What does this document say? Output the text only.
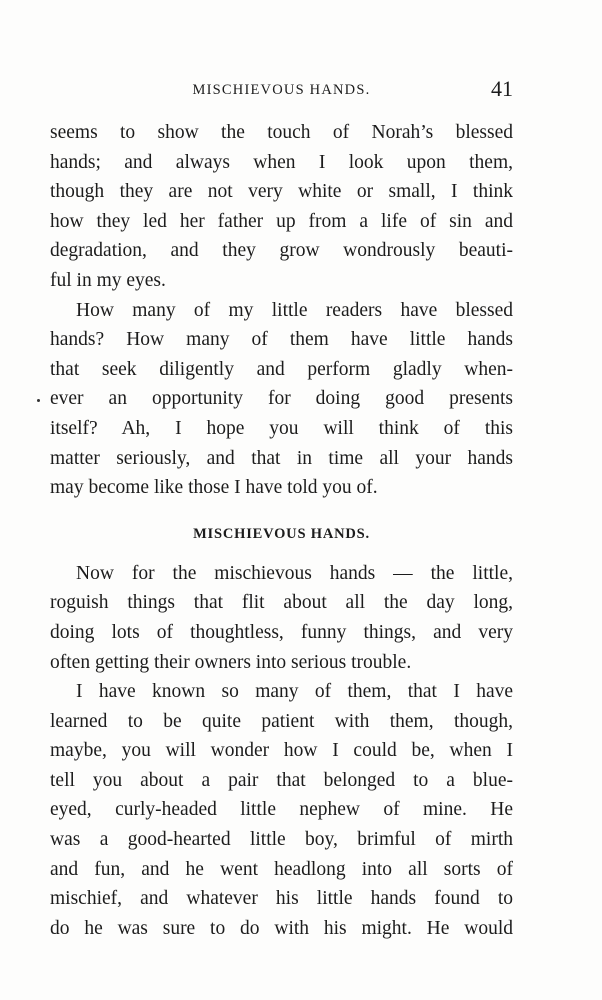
MISCHIEVOUS HANDS.	41
seems to show the touch of Norah’s blessed
hands; and always when I look upon them,
though they are not very white or small, I think
how they led her father up from a life of sin and
degradation, and they grow wondrously beauti-
ful in my eyes.
How many of my little readers have blessed
hands? How many of them have little hands
that seek diligently and perform gladly when-
ever an opportunity for doing good presents
itself? Ah, I hope you will think of this
matter seriously, and that in time all your hands
may become like those I have told you of.
MISCHIEVOUS HANDS.
Now for the mischievous hands — the little,
roguish things that flit about all the day long,
doing lots of thoughtless, funny things, and very
often getting their owners into serious trouble.
I have known so many of them, that I have
learned to be quite patient with them, though,
maybe, you will wonder how I could be, when I
tell you about a pair that belonged to a blue-
eyed, curly-headed little nephew of mine. He
was a good-hearted little boy, brimful of mirth
and fun, and he went headlong into all sorts of
mischief, and whatever his little hands found to
do he was sure to do with his might. He would
